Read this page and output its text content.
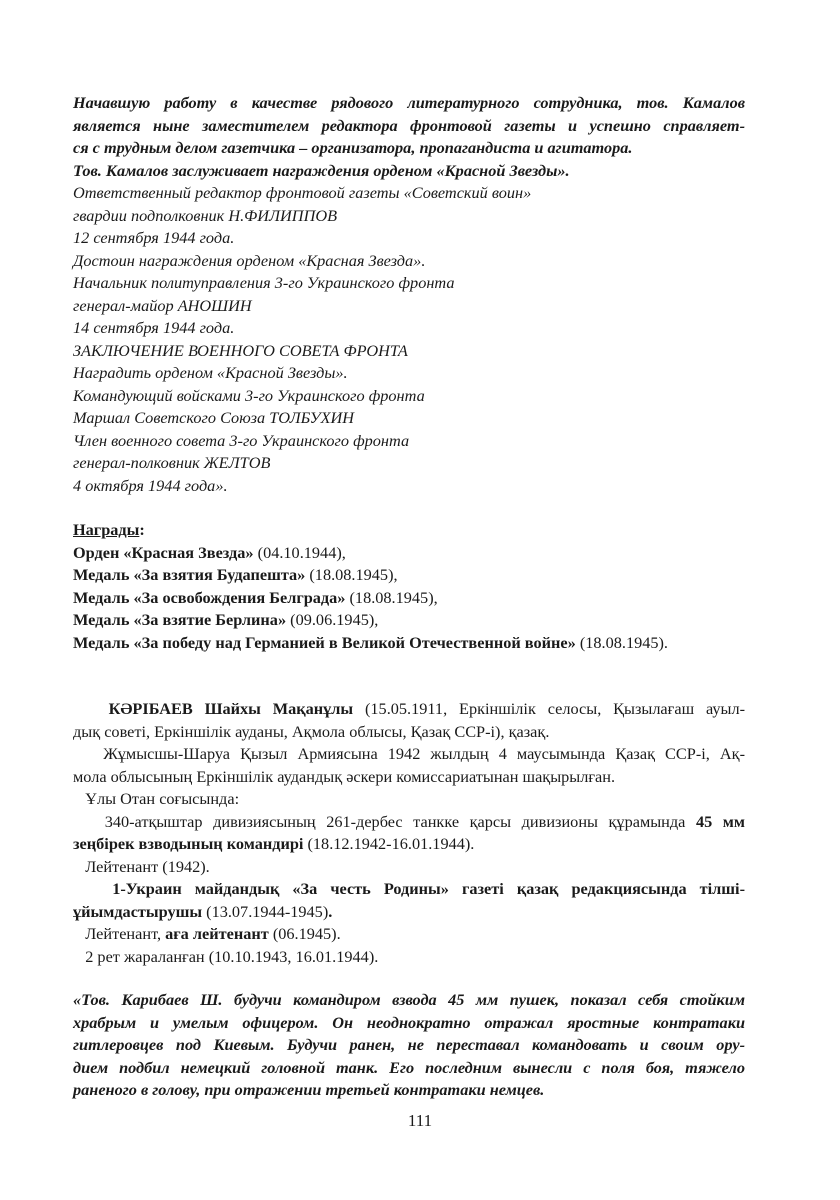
Начавшую работу в качестве рядового литературного сотрудника, тов. Камалов
является ныне заместителем редактора фронтовой газеты и успешно справляет-
ся с трудным делом газетчика – организатора, пропагандиста и агитатора.
Тов. Камалов заслуживает награждения орденом «Красной Звезды».
Ответственный редактор фронтовой газеты «Советский воин»
гвардии подполковник Н.ФИЛИППОВ
12 сентября 1944 года.
Достоин награждения орденом «Красная Звезда».
Начальник политуправления 3-го Украинского фронта
генерал-майор АНОШИН
14 сентября 1944 года.
ЗАКЛЮЧЕНИЕ ВОЕННОГО СОВЕТА ФРОНТА
Наградить орденом «Красной Звезды».
Командующий войсками 3-го Украинского фронта
Маршал Советского Союза ТОЛБУХИН
Член военного совета 3-го Украинского фронта
генерал-полковник ЖЕЛТОВ
4 октября 1944 года».
Награды:
Орден «Красная Звезда» (04.10.1944),
Медаль «За взятия Будапешта» (18.08.1945),
Медаль «За освобождения Белграда» (18.08.1945),
Медаль «За взятие Берлина» (09.06.1945),
Медаль «За победу над Германией в Великой Отечественной войне» (18.08.1945).
КӘРІБАЕВ Шайхы Мақанұлы (15.05.1911, Еркіншілік селосы, Қызылағаш ауыл-
дық советі, Еркіншілік ауданы, Ақмола облысы, Қазақ ССР-і), қазақ.
Жұмысшы-Шаруа Қызыл Армиясына 1942 жылдың 4 маусымында Қазақ ССР-і, Ақ-
мола облысының Еркіншілік аудандық әскери комиссариатынан шақырылған.
Ұлы Отан соғысында:
340-атқыштар дивизиясының 261-дербес танкке қарсы дивизионы құрамында 45 мм
зеңбірек взводының командирі (18.12.1942-16.01.1944).
Лейтенант (1942).
1-Украин майдандық «За честь Родины» газеті қазақ редакциясында тілші-
ұйымдастырушы (13.07.1944-1945).
Лейтенант, аға лейтенант (06.1945).
2 рет жараланған (10.10.1943, 16.01.1944).
«Тов. Карибаев Ш. будучи командиром взвода 45 мм пушек, показал себя стойким
храбрым и умелым офицером. Он неоднократно отражал яростные контратаки
гитлеровцев под Киевым. Будучи ранен, не переставал командовать и своим ору-
дием подбил немецкий головной танк. Его последним вынесли с поля боя, тяжело
раненого в голову, при отражении третьей контратаки немцев.
111
